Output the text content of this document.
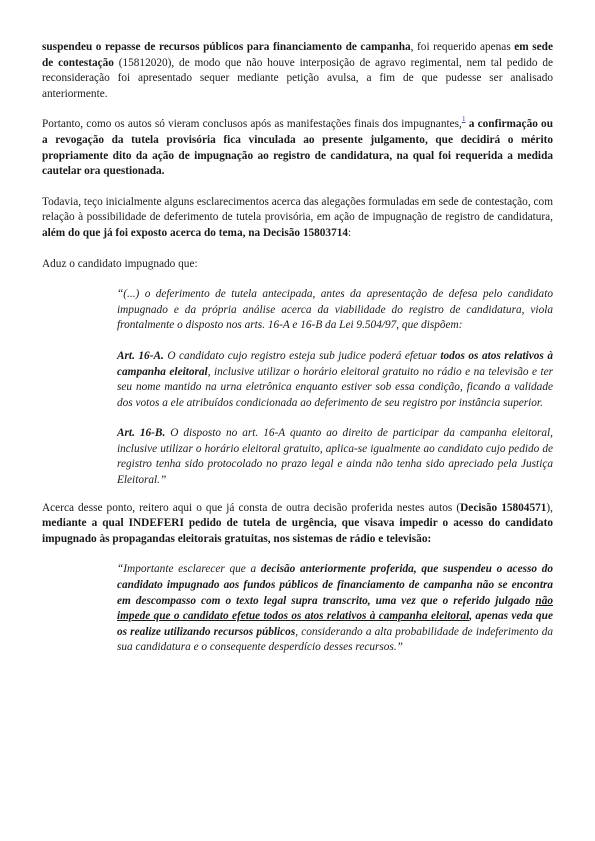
suspendeu o repasse de recursos públicos para financiamento de campanha, foi requerido apenas em sede de contestação (15812020), de modo que não houve interposição de agravo regimental, nem tal pedido de reconsideração foi apresentado sequer mediante petição avulsa, a fim de que pudesse ser analisado anteriormente.

Portanto, como os autos só vieram conclusos após as manifestações finais dos impugnantes,$^1$ a confirmação ou a revogação da tutela provisória fica vinculada ao presente julgamento, que decidirá o mérito propriamente dito da ação de impugnação ao registro de candidatura, na qual foi requerida a medida cautelar ora questionada.

Todavia, teço inicialmente alguns esclarecimentos acerca das alegações formuladas em sede de contestação, com relação à possibilidade de deferimento de tutela provisória, em ação de impugnação de registro de candidatura, além do que já foi exposto acerca do tema, na Decisão 15803714:

Aduz o candidato impugnado que:

“(...) o deferimento de tutela antecipada, antes da apresentação de defesa pelo candidato impugnado e da própria análise acerca da viabilidade do registro de candidatura, viola frontalmente o disposto nos arts. 16-A e 16-B da Lei 9.504/97, que dispõem:

Art. 16-A. O candidato cujo registro esteja sub judice poderá efetuar todos os atos relativos à campanha eleitoral, inclusive utilizar o horário eleitoral gratuito no rádio e na televisão e ter seu nome mantido na urna eletrônica enquanto estiver sob essa condição, ficando a validade dos votos a ele atribuídos condicionada ao deferimento de seu registro por instância superior.

Art. 16-B. O disposto no art. 16-A quanto ao direito de participar da campanha eleitoral, inclusive utilizar o horário eleitoral gratuito, aplica-se igualmente ao candidato cujo pedido de registro tenha sido protocolado no prazo legal e ainda não tenha sido apreciado pela Justiça Eleitoral.”

Acerca desse ponto, reitero aqui o que já consta de outra decisão proferida nestes autos (Decisão 15804571), mediante a qual INDEFERI pedido de tutela de urgência, que visava impedir o acesso do candidato impugnado às propagandas eleitorais gratuitas, nos sistemas de rádio e televisão:

“Importante esclarecer que a decisão anteriormente proferida, que suspendeu o acesso do candidato impugnado aos fundos públicos de financiamento de campanha não se encontra em descompasso com o texto legal supra transcrito, uma vez que o referido julgado não impede que o candidato efetue todos os atos relativos à campanha eleitoral, apenas veda que os realize utilizando recursos públicos, considerando a alta probabilidade de indeferimento da sua candidatura e o consequente desperdício desses recursos.”
